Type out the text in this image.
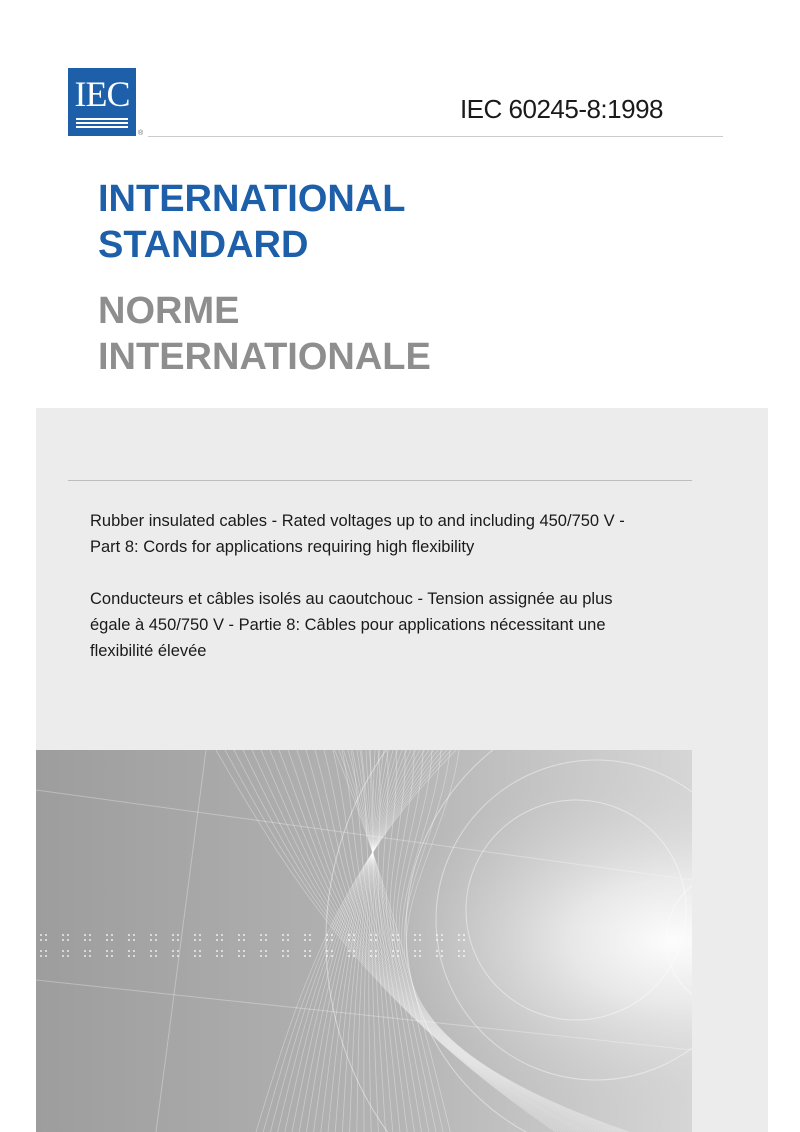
IEC
®
IEC 60245-8:1998
INTERNATIONAL
STANDARD
NORME
INTERNATIONALE
Rubber insulated cables - Rated voltages up to and including 450/750 V - Part 8: Cords for applications requiring high flexibility
Conducteurs et câbles isolés au caoutchouc - Tension assignée au plus égale à 450/750 V - Partie 8: Câbles pour applications nécessitant une flexibilité élevée
